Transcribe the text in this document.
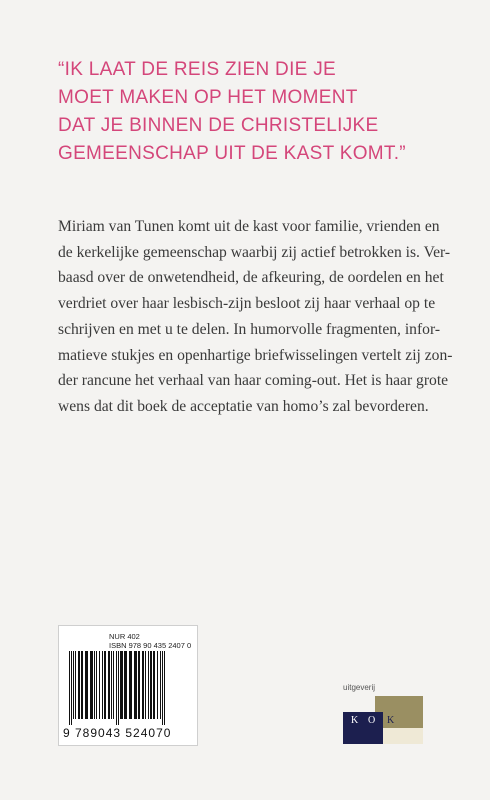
“IK LAAT DE REIS ZIEN DIE JE
MOET MAKEN OP HET MOMENT
DAT JE BINNEN DE CHRISTELIJKE
GEMEENSCHAP UIT DE KAST KOMT.”
Miriam van Tunen komt uit de kast voor familie, vrienden en
de kerkelijke gemeenschap waarbij zij actief betrokken is. Ver-
baasd over de onwetendheid, de afkeuring, de oordelen en het
verdriet over haar lesbisch-zijn besloot zij haar verhaal op te
schrijven en met u te delen. In humorvolle fragmenten, infor-
matieve stukjes en openhartige briefwisselingen vertelt zij zon-
der rancune het verhaal van haar coming-out. Het is haar grote
wens dat dit boek de acceptatie van homo’s zal bevorderen.
NUR 402
ISBN 978 90 435 2407 0
9 789043 524070
uitgeverij
K O K
